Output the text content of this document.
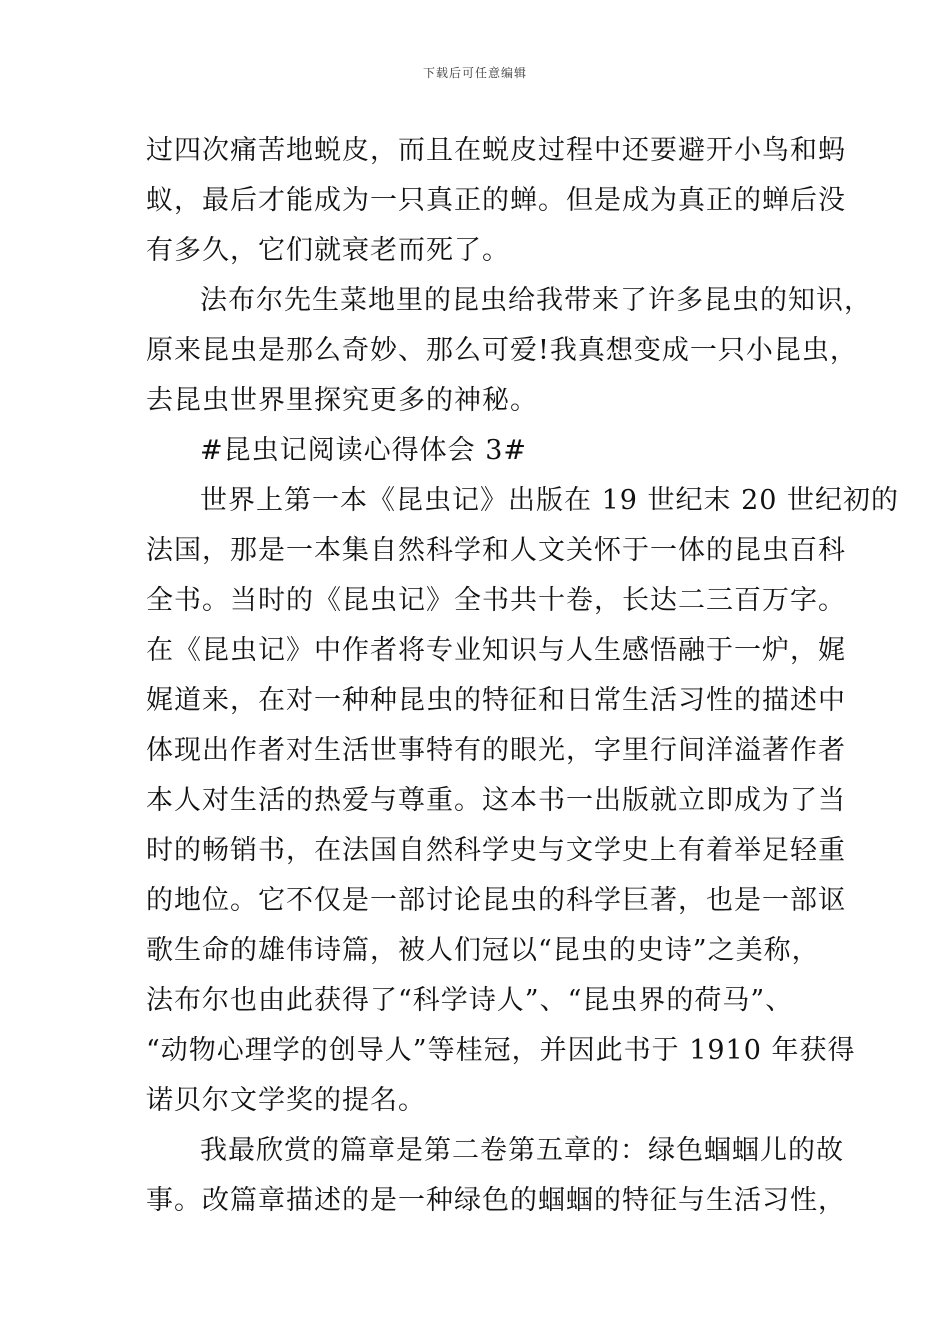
下载后可任意编辑
过四次痛苦地蜕皮，而且在蜕皮过程中还要避开小鸟和蚂
蚁，最后才能成为一只真正的蝉。但是成为真正的蝉后没
有多久，它们就衰老而死了。
法布尔先生菜地里的昆虫给我带来了许多昆虫的知识，
原来昆虫是那么奇妙、那么可爱!我真想变成一只小昆虫，
去昆虫世界里探究更多的神秘。
#昆虫记阅读心得体会 3#
世界上第一本《昆虫记》出版在 19 世纪末 20 世纪初的
法国，那是一本集自然科学和人文关怀于一体的昆虫百科
全书。当时的《昆虫记》全书共十卷，长达二三百万字。
在《昆虫记》中作者将专业知识与人生感悟融于一炉，娓
娓道来，在对一种种昆虫的特征和日常生活习性的描述中
体现出作者对生活世事特有的眼光，字里行间洋溢著作者
本人对生活的热爱与尊重。这本书一出版就立即成为了当
时的畅销书，在法国自然科学史与文学史上有着举足轻重
的地位。它不仅是一部讨论昆虫的科学巨著，也是一部讴
歌生命的雄伟诗篇，被人们冠以“昆虫的史诗”之美称，
法布尔也由此获得了“科学诗人”、“昆虫界的荷马”、
“动物心理学的创导人”等桂冠，并因此书于 1910 年获得
诺贝尔文学奖的提名。
我最欣赏的篇章是第二卷第五章的：绿色蝈蝈儿的故
事。改篇章描述的是一种绿色的蝈蝈的特征与生活习性，
